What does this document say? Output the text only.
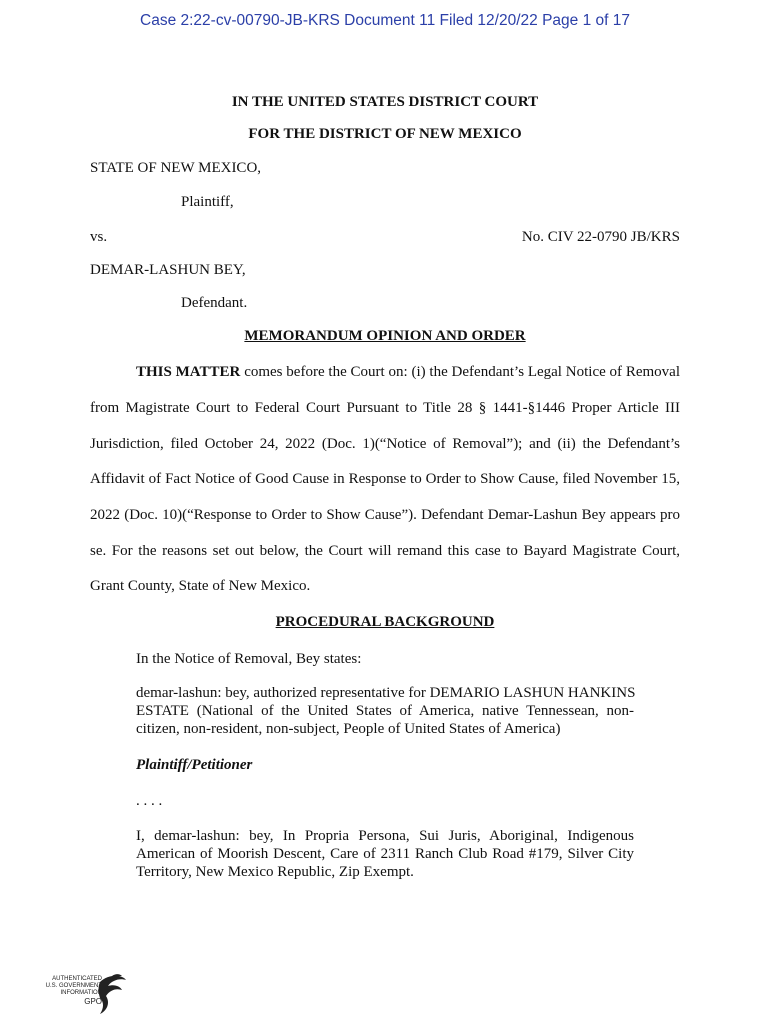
Case 2:22-cv-00790-JB-KRS Document 11 Filed 12/20/22 Page 1 of 17
IN THE UNITED STATES DISTRICT COURT
FOR THE DISTRICT OF NEW MEXICO
STATE OF NEW MEXICO,
Plaintiff,
vs.	No. CIV 22-0790 JB/KRS
DEMAR-LASHUN BEY,
Defendant.
MEMORANDUM OPINION AND ORDER
THIS MATTER comes before the Court on: (i) the Defendant’s Legal Notice of Removal
from Magistrate Court to Federal Court Pursuant to Title 28 § 1441-§1446 Proper Article III
Jurisdiction, filed October 24, 2022 (Doc. 1)(“Notice of Removal”); and (ii) the Defendant’s
Affidavit of Fact Notice of Good Cause in Response to Order to Show Cause, filed November 15,
2022 (Doc. 10)(“Response to Order to Show Cause”). Defendant Demar-Lashun Bey appears pro
se. For the reasons set out below, the Court will remand this case to Bayard Magistrate Court,
Grant County, State of New Mexico.
PROCEDURAL BACKGROUND
In the Notice of Removal, Bey states:
demar-lashun: bey, authorized representative for DEMARIO LASHUN HANKINS
ESTATE (National of the United States of America, native Tennessean, non-
citizen, non-resident, non-subject, People of United States of America)
Plaintiff/Petitioner
. . . .
I, demar-lashun: bey, In Propria Persona, Sui Juris, Aboriginal, Indigenous
American of Moorish Descent, Care of 2311 Ranch Club Road #179, Silver City
Territory, New Mexico Republic, Zip Exempt.
AUTHENTICATED
U.S. GOVERNMENT
INFORMATION
GPO
